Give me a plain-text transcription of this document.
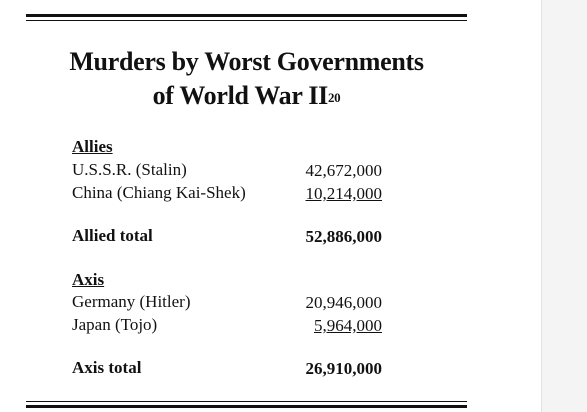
Murders by Worst Governments
of World War II$^{20}$
Allies
U.S.S.R. (Stalin)	42,672,000
China (Chiang Kai-Shek)	10,214,000
Allied total	52,886,000
Axis
Germany (Hitler)	20,946,000
Japan (Tojo)	5,964,000
Axis total	26,910,000
